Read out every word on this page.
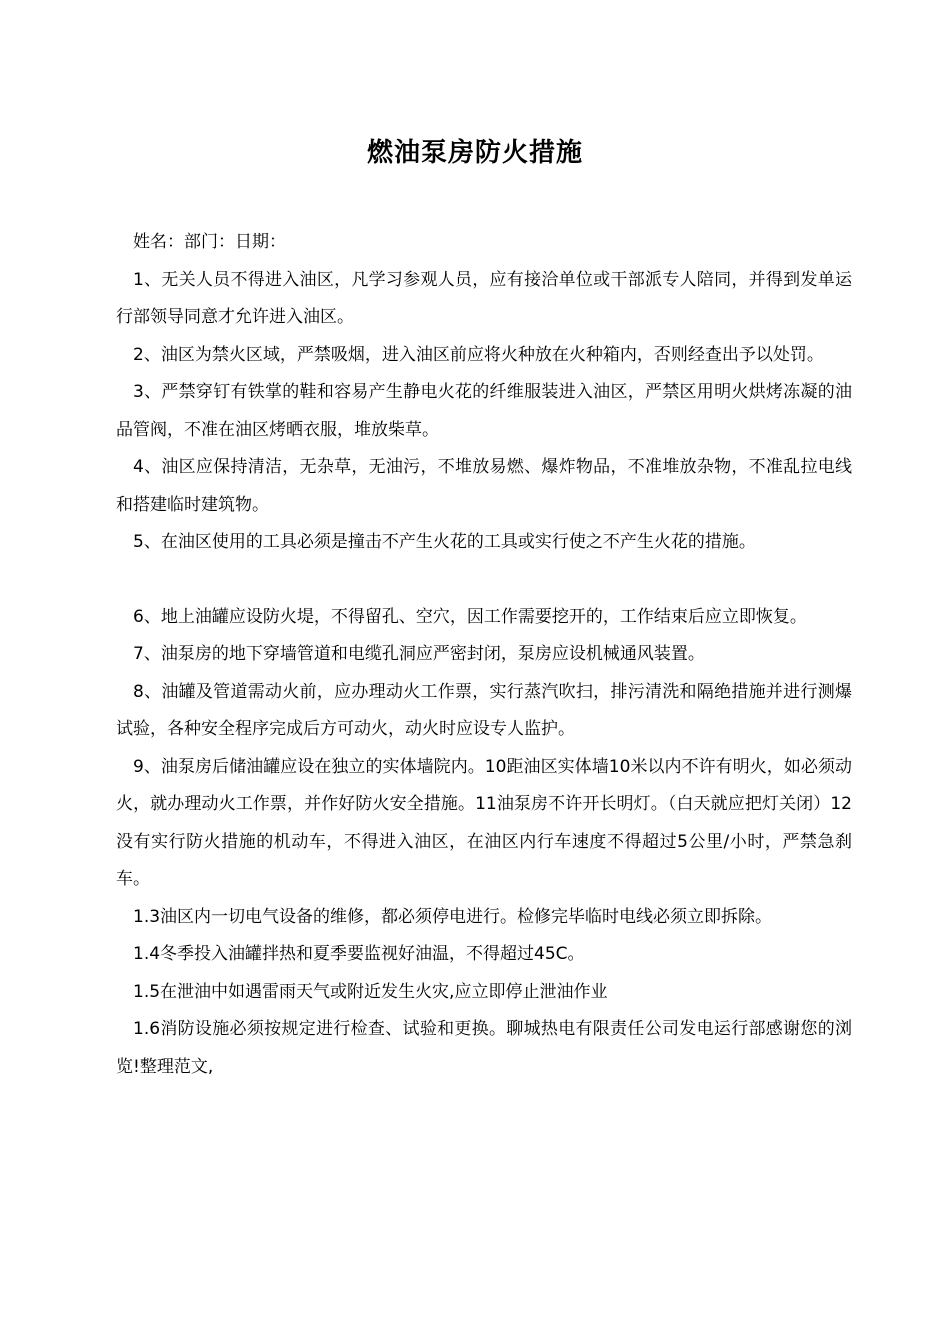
燃油泵房防火措施

姓名：部门：日期：

1、无关人员不得进入油区，凡学习参观人员，应有接洽单位或干部派专人陪同，并得到发单运行部领导同意才允许进入油区。

2、油区为禁火区域，严禁吸烟，进入油区前应将火种放在火种箱内，否则经查出予以处罚。

3、严禁穿钉有铁掌的鞋和容易产生静电火花的纤维服装进入油区，严禁区用明火烘烤冻凝的油品管阀，不准在油区烤晒衣服，堆放柴草。

4、油区应保持清洁，无杂草，无油污，不堆放易燃、爆炸物品，不准堆放杂物，不准乱拉电线和搭建临时建筑物。

5、在油区使用的工具必须是撞击不产生火花的工具或实行使之不产生火花的措施。

6、地上油罐应设防火堤，不得留孔、空穴，因工作需要挖开的，工作结束后应立即恢复。

7、油泵房的地下穿墙管道和电缆孔洞应严密封闭，泵房应设机械通风装置。

8、油罐及管道需动火前，应办理动火工作票，实行蒸汽吹扫，排污清洗和隔绝措施并进行测爆试验，各种安全程序完成后方可动火，动火时应设专人监护。

9、油泵房后储油罐应设在独立的实体墙院内。10距油区实体墙10米以内不许有明火，如必须动火，就办理动火工作票，并作好防火安全措施。11油泵房不许开长明灯。（白天就应把灯关闭）12没有实行防火措施的机动车，不得进入油区，在油区内行车速度不得超过5公里/小时，严禁急刹车。

1.3油区内一切电气设备的维修，都必须停电进行。检修完毕临时电线必须立即拆除。

1.4冬季投入油罐拌热和夏季要监视好油温，不得超过45C。

1.5在泄油中如遇雷雨天气或附近发生火灾,应立即停止泄油作业

1.6消防设施必须按规定进行检查、试验和更换。聊城热电有限责任公司发电运行部感谢您的浏览!整理范文,
